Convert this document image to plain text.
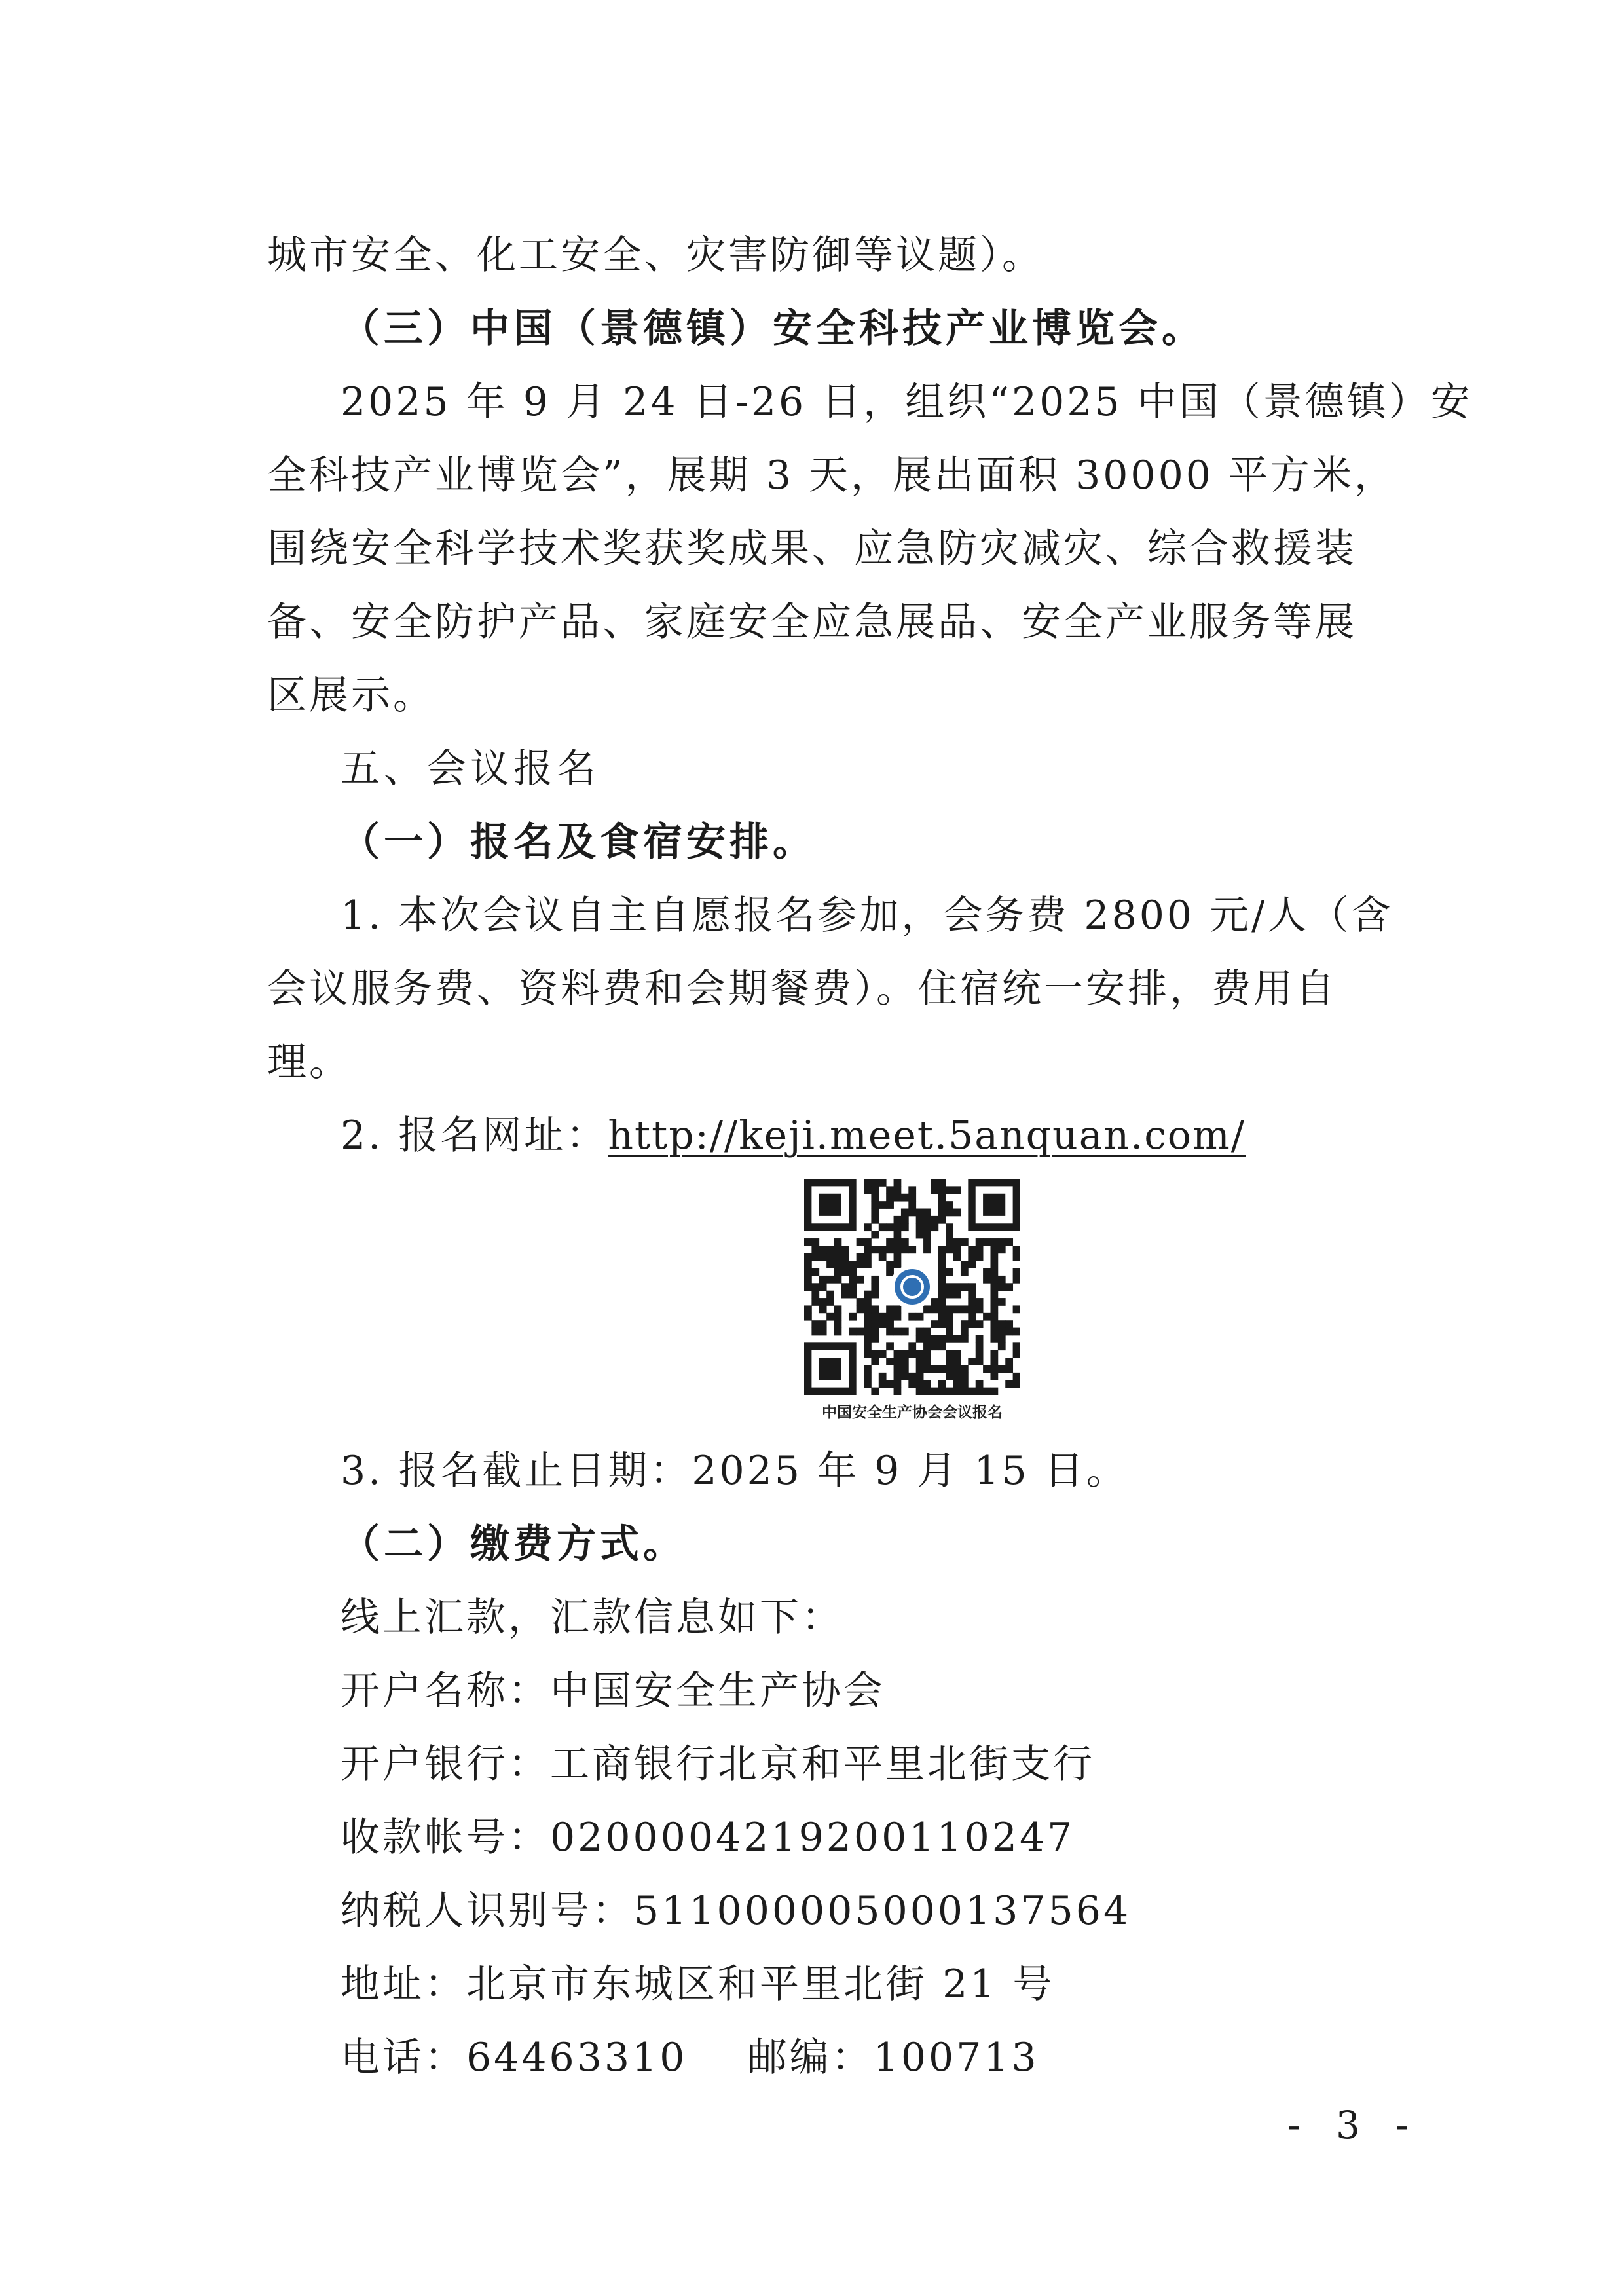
城市安全、化工安全、灾害防御等议题）。
（三）中国（景德镇）安全科技产业博览会。
2025 年 9 月 24 日-26 日，组织“2025 中国（景德镇）安
全科技产业博览会”，展期 3 天，展出面积 30000 平方米，
围绕安全科学技术奖获奖成果、应急防灾减灾、综合救援装
备、安全防护产品、家庭安全应急展品、安全产业服务等展
区展示。
五、会议报名
（一）报名及食宿安排。
1. 本次会议自主自愿报名参加，会务费 2800 元/人（含
会议服务费、资料费和会期餐费）。住宿统一安排，费用自
理。
2. 报名网址：http://keji.meet.5anquan.com/
中国安全生产协会会议报名
3. 报名截止日期：2025 年 9 月 15 日。
（二）缴费方式。
线上汇款，汇款信息如下：
开户名称：中国安全生产协会
开户银行：工商银行北京和平里北街支行
收款帐号：0200004219200110247
纳税人识别号：511000005000137564
地址：北京市东城区和平里北街 21 号
电话：64463310    邮编：100713
- 3 -
